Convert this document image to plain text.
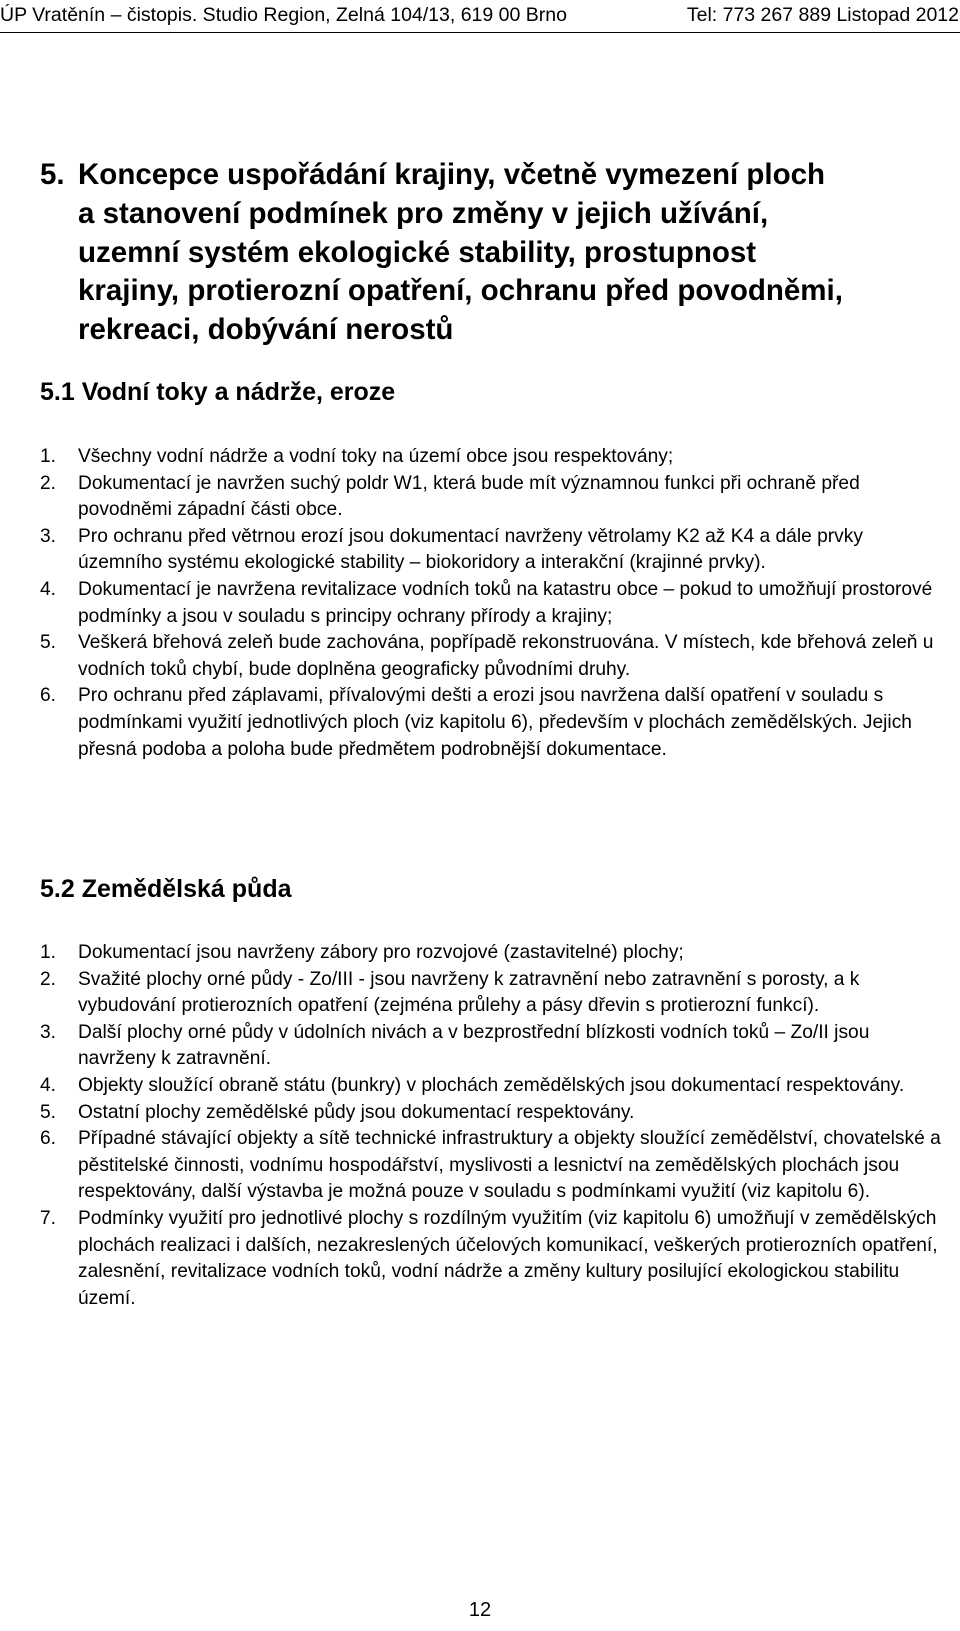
ÚP Vratěnín – čistopis. Studio Region, Zelná 104/13, 619 00 Brno	Tel: 773 267 889 Listopad 2012
5. Koncepce uspořádání krajiny, včetně vymezení ploch
a stanovení podmínek pro změny v jejich užívání,
uzemní systém ekologické stability, prostupnost
krajiny, protierozní opatření, ochranu před povodněmi,
rekreaci, dobývání nerostů
5.1 Vodní toky a nádrže, eroze
1. Všechny vodní nádrže a vodní toky na území obce jsou respektovány;
2. Dokumentací je navržen suchý poldr W1, která bude mít významnou funkci při ochraně před povodněmi západní části obce.
3. Pro ochranu před větrnou erozí jsou dokumentací navrženy větrolamy K2 až K4 a dále prvky územního systému ekologické stability – biokoridory a interakční (krajinné prvky).
4. Dokumentací je navržena revitalizace vodních toků na katastru obce – pokud to umožňují prostorové podmínky a jsou v souladu s principy ochrany přírody a krajiny;
5. Veškerá břehová zeleň bude zachována, popřípadě rekonstruována. V místech, kde břehová zeleň u vodních toků chybí, bude doplněna geograficky původními druhy.
6. Pro ochranu před záplavami, přívalovými dešti a erozi jsou navržena další opatření v souladu s podmínkami využití jednotlivých ploch (viz kapitolu 6), především v plochách zemědělských. Jejich přesná podoba a poloha bude předmětem podrobnější dokumentace.
5.2 Zemědělská půda
1. Dokumentací jsou navrženy zábory pro rozvojové (zastavitelné) plochy;
2. Svažité plochy orné půdy - Zo/III - jsou navrženy k zatravnění nebo zatravnění s porosty, a k vybudování protierozních opatření (zejména průlehy a pásy dřevin s protierozní funkcí).
3. Další plochy orné půdy v údolních nivách a v bezprostřední blízkosti vodních toků – Zo/II jsou navrženy k zatravnění.
4. Objekty sloužící obraně státu (bunkry) v plochách zemědělských jsou dokumentací respektovány.
5. Ostatní plochy zemědělské půdy jsou dokumentací respektovány.
6. Případné stávající objekty a sítě technické infrastruktury a objekty sloužící zemědělství, chovatelské a pěstitelské činnosti, vodnímu hospodářství, myslivosti a lesnictví na zemědělských plochách jsou respektovány, další výstavba je možná pouze v souladu s podmínkami využití (viz kapitolu 6).
7. Podmínky využití pro jednotlivé plochy s rozdílným využitím (viz kapitolu 6) umožňují v zemědělských plochách realizaci i dalších, nezakreslených účelových komunikací, veškerých protierozních opatření, zalesnění, revitalizace vodních toků, vodní nádrže a změny kultury posilující ekologickou stabilitu území.
12
